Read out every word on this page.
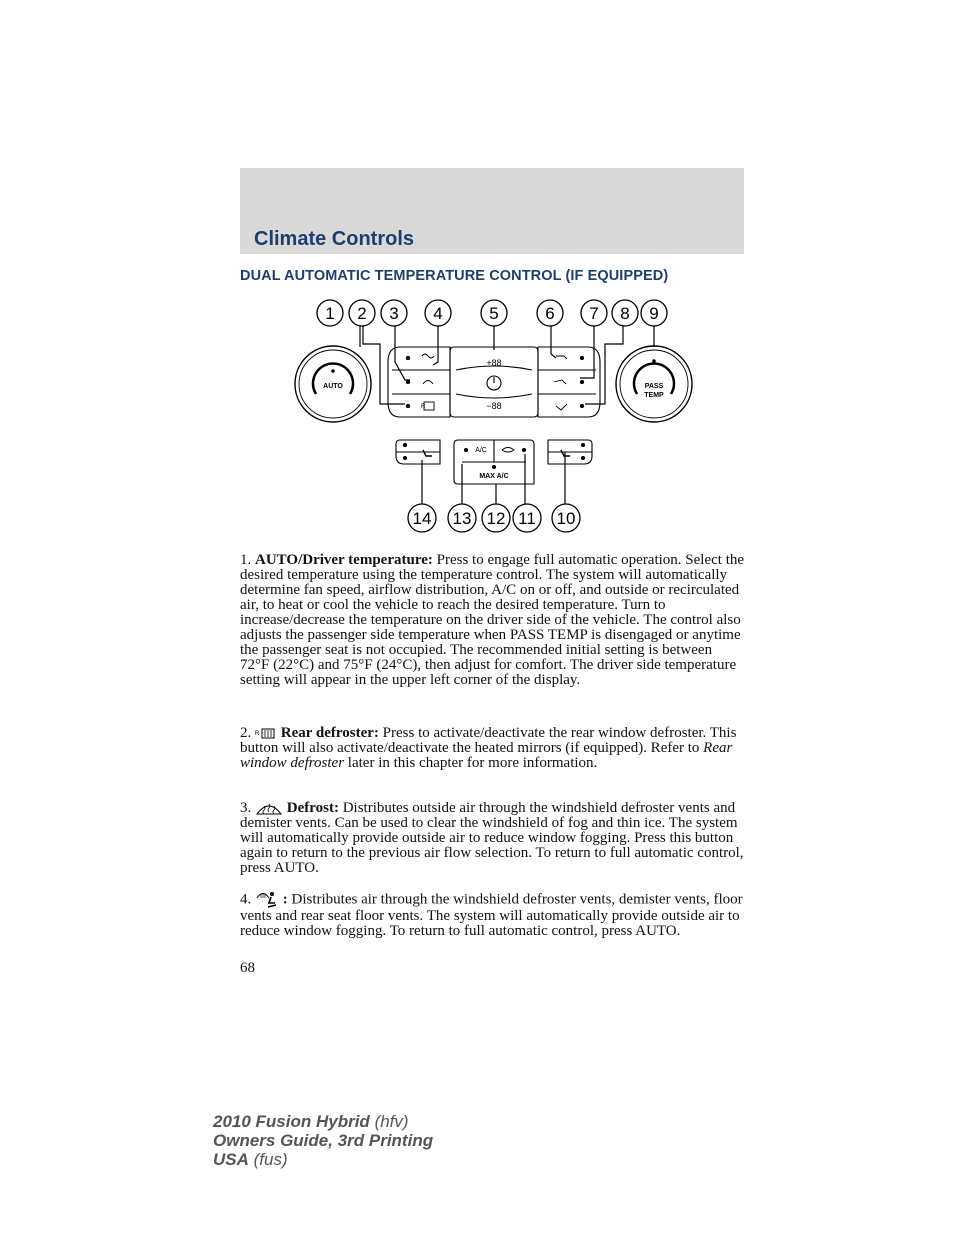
Climate Controls
DUAL AUTOMATIC TEMPERATURE CONTROL (IF EQUIPPED)
1 2 3 4	5	6 7 8 9
AUTO	PASS
TEMP
R
+88
−88
A/C
MAX A/C
14 13 12 11 10
1. AUTO/Driver temperature: Press to engage full automatic operation. Select the desired temperature using the temperature control. The system will automatically determine fan speed, airflow distribution, A/C on or off, and outside or recirculated air, to heat or cool the vehicle to reach the desired temperature. Turn to increase/decrease the temperature on the driver side of the vehicle. The control also adjusts the passenger side temperature when PASS TEMP is disengaged or anytime the passenger seat is not occupied. The recommended initial setting is between 72°F (22°C) and 75°F (24°C), then adjust for comfort. The driver side temperature setting will appear in the upper left corner of the display.
2. R Rear defroster: Press to activate/deactivate the rear window defroster. This button will also activate/deactivate the heated mirrors (if equipped). Refer to Rear window defroster later in this chapter for more information.
3. Defrost: Distributes outside air through the windshield defroster vents and demister vents. Can be used to clear the windshield of fog and thin ice. The system will automatically provide outside air to reduce window fogging. Press this button again to return to the previous air flow selection. To return to full automatic control, press AUTO.
4. : Distributes air through the windshield defroster vents, demister vents, floor vents and rear seat floor vents. The system will automatically provide outside air to reduce window fogging. To return to full automatic control, press AUTO.
68
2010 Fusion Hybrid (hfv)
Owners Guide, 3rd Printing
USA (fus)
